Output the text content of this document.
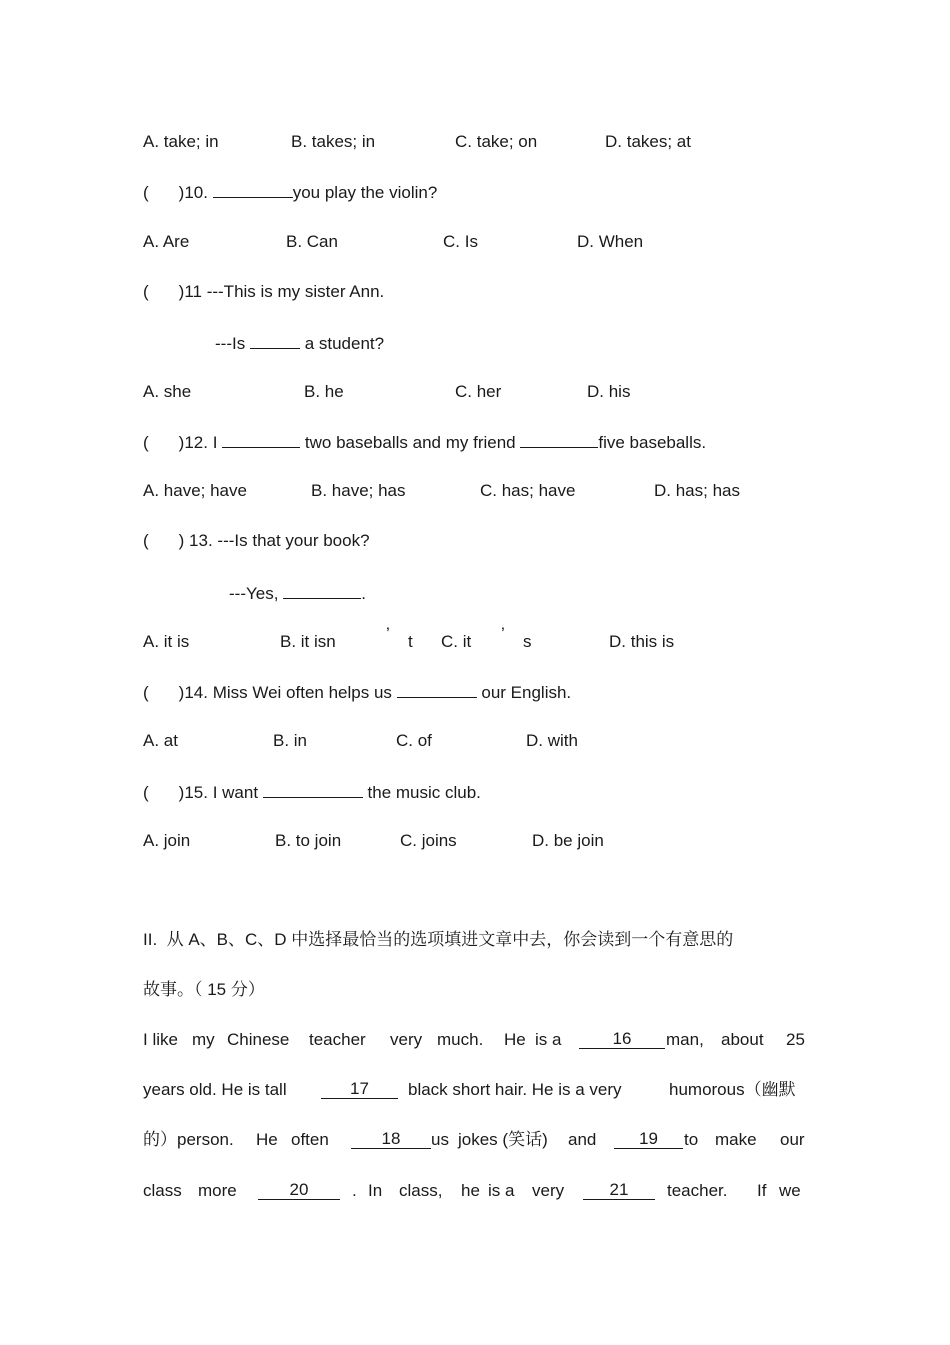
A. take; in	B. takes; in	C. take; on	D. takes; at
( )10.	you play the violin?
A. Are	B. Can	C. Is	D. When
( )11 ---This is my sister Ann.
---Is	a student?
A. she	B. he	C. her	D. his
( )12. I	two baseballs and my friend	five baseballs.
A. have; have	B. have; has	C. has; have	D. has; has
( ) 13. ---Is that your book?
---Yes,	.
A. it is	B. it isn	’ t C. it ’ s	D. this is
( )14. Miss Wei often helps us	our English.
A. at	B. in	C. of	D. with
( )15. I want	the music club.
A. join	B. to join	C. joins	D. be join
II.  从 A、B、C、D 中选择最恰当的选项填进文章中去，你会读到一个有意思的
故事。（ 15 分）
I like my Chinese teacher very much. He is a	16	man, about 25
years old. He is tall	17	black short hair. He is a very	humorous（幽默
的）person. He often	18	us jokes (笑话) and	19	to make our
class more	20	. In class, he is a	21	teacher. If we
very
